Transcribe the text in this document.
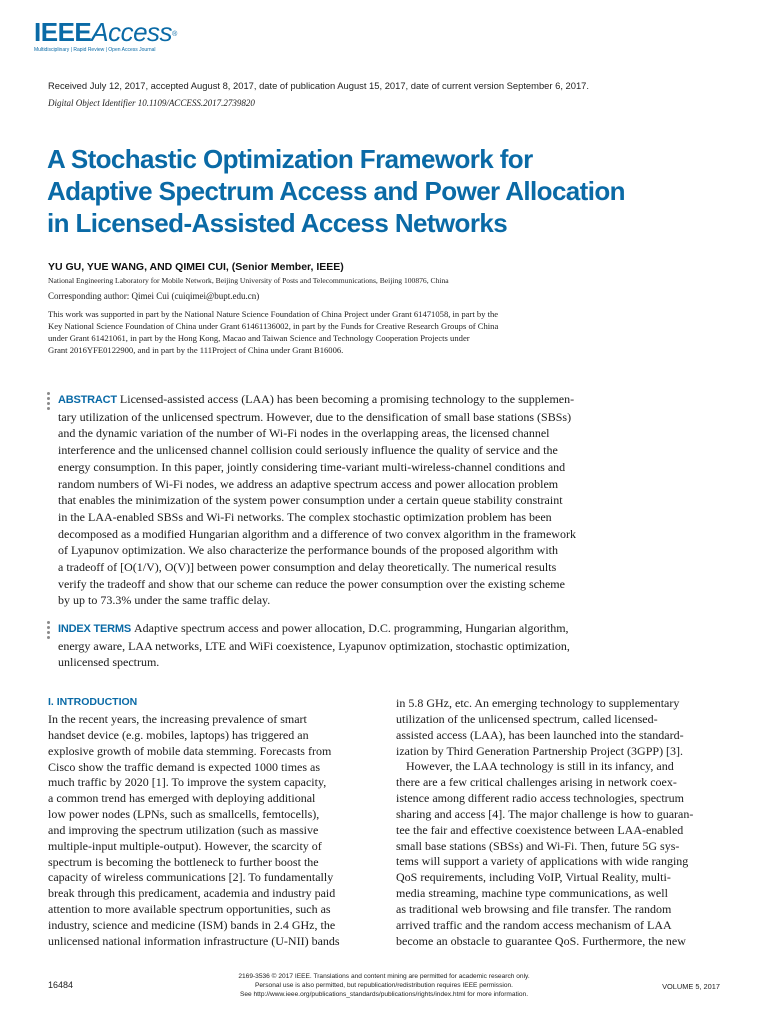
IEEEAccess®
Multidisciplinary | Rapid Review | Open Access Journal
Received July 12, 2017, accepted August 8, 2017, date of publication August 15, 2017, date of current version September 6, 2017.
Digital Object Identifier 10.1109/ACCESS.2017.2739820
A Stochastic Optimization Framework for
Adaptive Spectrum Access and Power Allocation
in Licensed-Assisted Access Networks
YU GU, YUE WANG, AND QIMEI CUI, (Senior Member, IEEE)
National Engineering Laboratory for Mobile Network, Beijing University of Posts and Telecommunications, Beijing 100876, China
Corresponding author: Qimei Cui (cuiqimei@bupt.edu.cn)
This work was supported in part by the National Nature Science Foundation of China Project under Grant 61471058, in part by the
Key National Science Foundation of China under Grant 61461136002, in part by the Funds for Creative Research Groups of China
under Grant 61421061, in part by the Hong Kong, Macao and Taiwan Science and Technology Cooperation Projects under
Grant 2016YFE0122900, and in part by the 111Project of China under Grant B16006.
ABSTRACT Licensed-assisted access (LAA) has been becoming a promising technology to the supplemen-
tary utilization of the unlicensed spectrum. However, due to the densification of small base stations (SBSs)
and the dynamic variation of the number of Wi-Fi nodes in the overlapping areas, the licensed channel
interference and the unlicensed channel collision could seriously influence the quality of service and the
energy consumption. In this paper, jointly considering time-variant multi-wireless-channel conditions and
random numbers of Wi-Fi nodes, we address an adaptive spectrum access and power allocation problem
that enables the minimization of the system power consumption under a certain queue stability constraint
in the LAA-enabled SBSs and Wi-Fi networks. The complex stochastic optimization problem has been
decomposed as a modified Hungarian algorithm and a difference of two convex algorithm in the framework
of Lyapunov optimization. We also characterize the performance bounds of the proposed algorithm with
a tradeoff of [O(1/V), O(V)] between power consumption and delay theoretically. The numerical results
verify the tradeoff and show that our scheme can reduce the power consumption over the existing scheme
by up to 73.3% under the same traffic delay.
INDEX TERMS Adaptive spectrum access and power allocation, D.C. programming, Hungarian algorithm,
energy aware, LAA networks, LTE and WiFi coexistence, Lyapunov optimization, stochastic optimization,
unlicensed spectrum.
I. INTRODUCTION
In the recent years, the increasing prevalence of smart
handset device (e.g. mobiles, laptops) has triggered an
explosive growth of mobile data stemming. Forecasts from
Cisco show the traffic demand is expected 1000 times as
much traffic by 2020 [1]. To improve the system capacity,
a common trend has emerged with deploying additional
low power nodes (LPNs, such as smallcells, femtocells),
and improving the spectrum utilization (such as massive
multiple-input multiple-output). However, the scarcity of
spectrum is becoming the bottleneck to further boost the
capacity of wireless communications [2]. To fundamentally
break through this predicament, academia and industry paid
attention to more available spectrum opportunities, such as
industry, science and medicine (ISM) bands in 2.4 GHz, the
unlicensed national information infrastructure (U-NII) bands
in 5.8 GHz, etc. An emerging technology to supplementary
utilization of the unlicensed spectrum, called licensed-
assisted access (LAA), has been launched into the standard-
ization by Third Generation Partnership Project (3GPP) [3].
However, the LAA technology is still in its infancy, and
there are a few critical challenges arising in network coex-
istence among different radio access technologies, spectrum
sharing and access [4]. The major challenge is how to guaran-
tee the fair and effective coexistence between LAA-enabled
small base stations (SBSs) and Wi-Fi. Then, future 5G sys-
tems will support a variety of applications with wide ranging
QoS requirements, including VoIP, Virtual Reality, multi-
media streaming, machine type communications, as well
as traditional web browsing and file transfer. The random
arrived traffic and the random access mechanism of LAA
become an obstacle to guarantee QoS. Furthermore, the new
16484
2169-3536 © 2017 IEEE. Translations and content mining are permitted for academic research only.
Personal use is also permitted, but republication/redistribution requires IEEE permission.
See http://www.ieee.org/publications_standards/publications/rights/index.html for more information.
VOLUME 5, 2017
